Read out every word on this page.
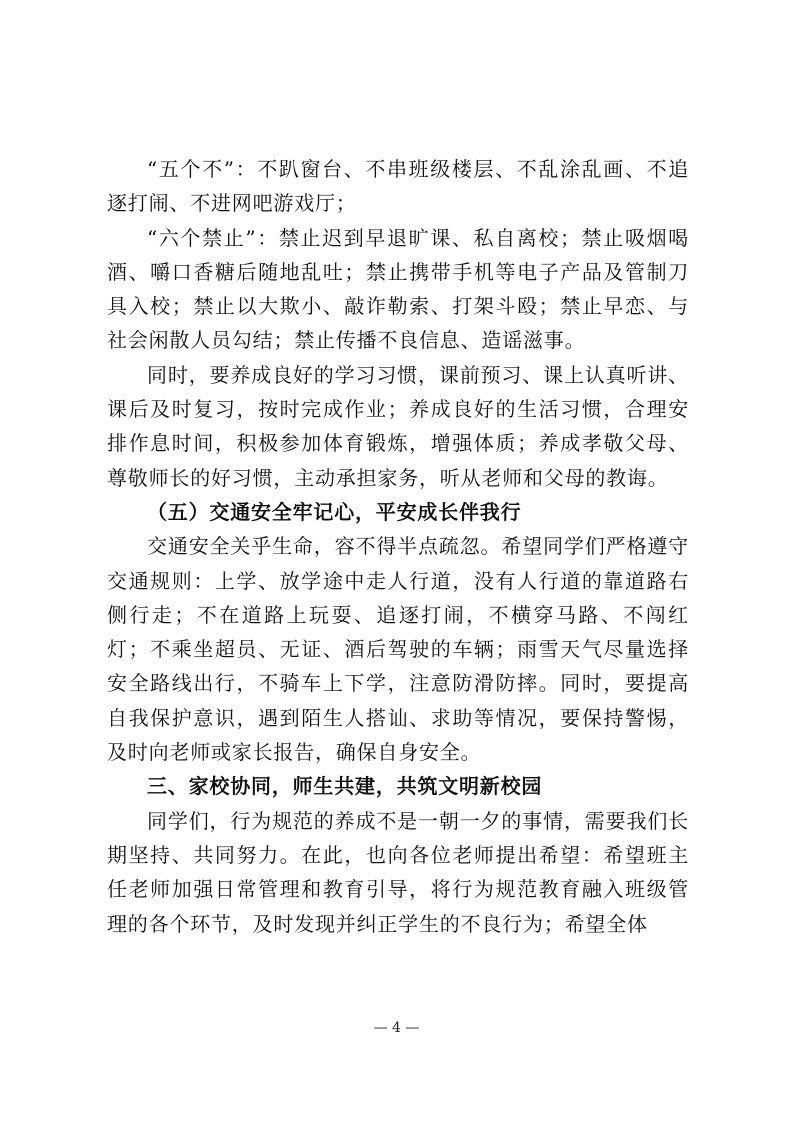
“五个不”：不趴窗台、不串班级楼层、不乱涂乱画、不追逐打闹、不进网吧游戏厅；

“六个禁止”：禁止迟到早退旷课、私自离校；禁止吸烟喝酒、嚼口香糖后随地乱吐；禁止携带手机等电子产品及管制刀具入校；禁止以大欺小、敲诈勒索、打架斗殴；禁止早恋、与社会闲散人员勾结；禁止传播不良信息、造谣滋事。

同时，要养成良好的学习习惯，课前预习、课上认真听讲、课后及时复习，按时完成作业；养成良好的生活习惯，合理安排作息时间，积极参加体育锻炼，增强体质；养成孝敬父母、尊敬师长的好习惯，主动承担家务，听从老师和父母的教诲。

（五）交通安全牢记心，平安成长伴我行

交通安全关乎生命，容不得半点疏忽。希望同学们严格遵守交通规则：上学、放学途中走人行道，没有人行道的靠道路右侧行走；不在道路上玩耍、追逐打闹，不横穿马路、不闯红灯；不乘坐超员、无证、酒后驾驶的车辆；雨雪天气尽量选择安全路线出行，不骑车上下学，注意防滑防摔。同时，要提高自我保护意识，遇到陌生人搭讪、求助等情况，要保持警惕，及时向老师或家长报告，确保自身安全。

三、家校协同，师生共建，共筑文明新校园

同学们，行为规范的养成不是一朝一夕的事情，需要我们长期坚持、共同努力。在此，也向各位老师提出希望：希望班主任老师加强日常管理和教育引导，将行为规范教育融入班级管理的各个环节，及时发现并纠正学生的不良行为；希望全体

— 4 —
